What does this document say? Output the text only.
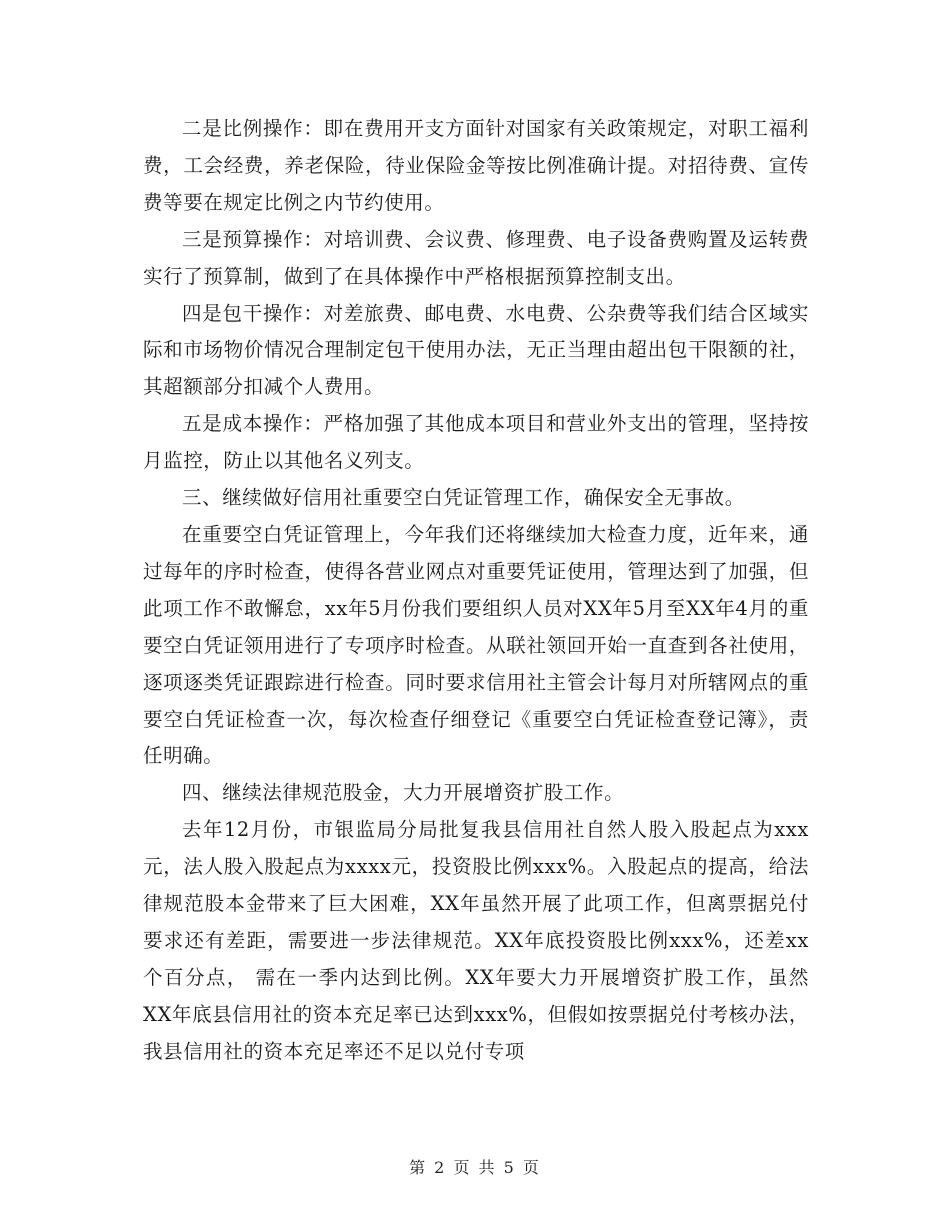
二是比例操作：即在费用开支方面针对国家有关政策规定，对职工福利费，工会经费，养老保险，待业保险金等按比例准确计提。对招待费、宣传费等要在规定比例之内节约使用。

三是预算操作：对培训费、会议费、修理费、电子设备费购置及运转费实行了预算制，做到了在具体操作中严格根据预算控制支出。

四是包干操作：对差旅费、邮电费、水电费、公杂费等我们结合区域实际和市场物价情况合理制定包干使用办法，无正当理由超出包干限额的社，其超额部分扣减个人费用。

五是成本操作：严格加强了其他成本项目和营业外支出的管理，坚持按月监控，防止以其他名义列支。

三、继续做好信用社重要空白凭证管理工作，确保安全无事故。

在重要空白凭证管理上，今年我们还将继续加大检查力度，近年来，通过每年的序时检查，使得各营业网点对重要凭证使用，管理达到了加强，但此项工作不敢懈怠，xx年5月份我们要组织人员对XX年5月至XX年4月的重要空白凭证领用进行了专项序时检查。从联社领回开始一直查到各社使用，逐项逐类凭证跟踪进行检查。同时要求信用社主管会计每月对所辖网点的重要空白凭证检查一次，每次检查仔细登记《重要空白凭证检查登记簿》，责任明确。

四、继续法律规范股金，大力开展增资扩股工作。

去年12月份，市银监局分局批复我县信用社自然人股入股起点为xxx元，法人股入股起点为xxxx元，投资股比例xxx%。入股起点的提高，给法律规范股本金带来了巨大困难，XX年虽然开展了此项工作，但离票据兑付要求还有差距，需要进一步法律规范。XX年底投资股比例xxx%，还差xx个百分点， 需在一季内达到比例。XX年要大力开展增资扩股工作，虽然XX年底县信用社的资本充足率已达到xxx%，但假如按票据兑付考核办法，我县信用社的资本充足率还不足以兑付专项

第 2 页 共 5 页
